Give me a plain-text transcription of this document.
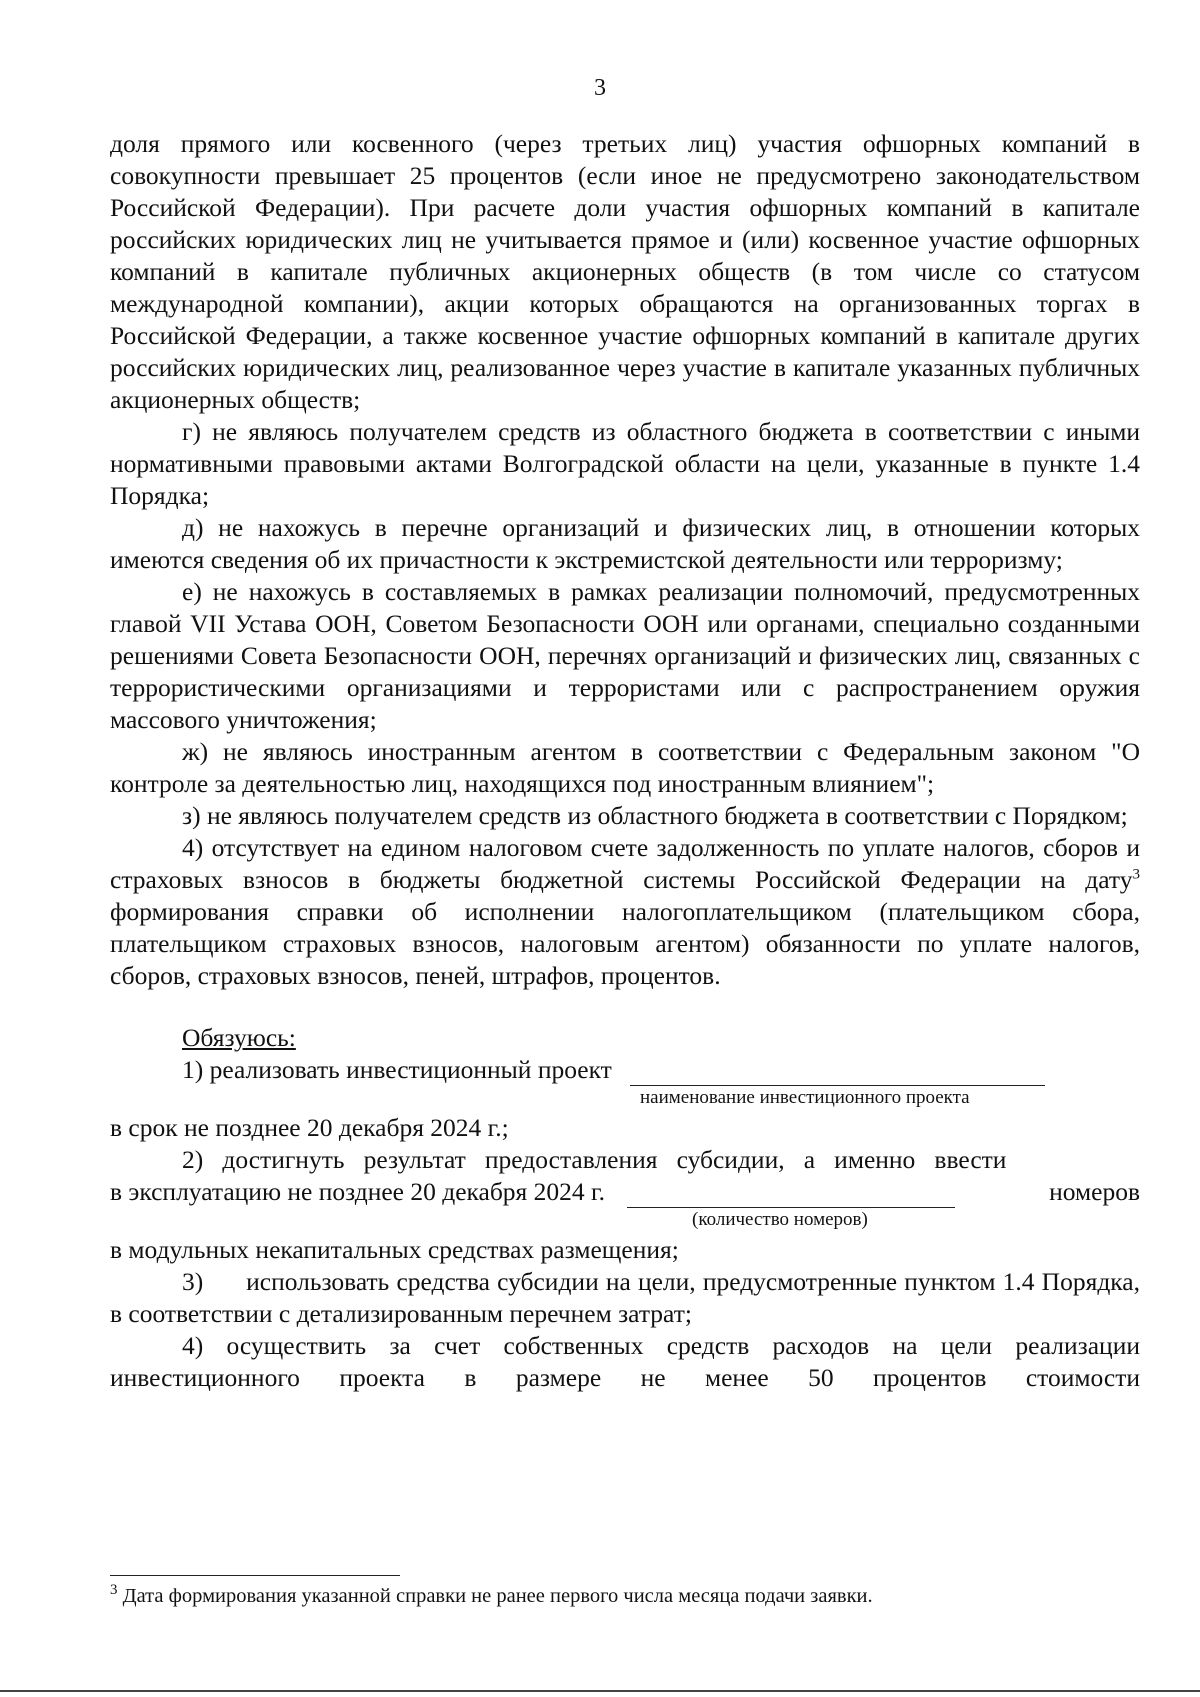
3

доля прямого или косвенного (через третьих лиц) участия офшорных компаний в совокупности превышает 25 процентов (если иное не предусмотрено законодательством Российской Федерации). При расчете доли участия офшорных компаний в капитале российских юридических лиц не учитывается прямое и (или) косвенное участие офшорных компаний в капитале публичных акционерных обществ (в том числе со статусом международной компании), акции которых обращаются на организованных торгах в Российской Федерации, а также косвенное участие офшорных компаний в капитале других российских юридических лиц, реализованное через участие в капитале указанных публичных акционерных обществ;

г) не являюсь получателем средств из областного бюджета в соответствии с иными нормативными правовыми актами Волгоградской области на цели, указанные в пункте 1.4 Порядка;

д) не нахожусь в перечне организаций и физических лиц, в отношении которых имеются сведения об их причастности к экстремистской деятельности или терроризму;

е) не нахожусь в составляемых в рамках реализации полномочий, предусмотренных главой VII Устава ООН, Советом Безопасности ООН или органами, специально созданными решениями Совета Безопасности ООН, перечнях организаций и физических лиц, связанных с террористическими организациями и террористами или с распространением оружия массового уничтожения;

ж) не являюсь иностранным агентом в соответствии с Федеральным законом "О контроле за деятельностью лиц, находящихся под иностранным влиянием";

з) не являюсь получателем средств из областного бюджета в соответствии с Порядком;

4) отсутствует на едином налоговом счете задолженность по уплате налогов, сборов и страховых взносов в бюджеты бюджетной системы Российской Федерации на дату$^3$ формирования справки об исполнении налогоплательщиком (плательщиком сбора, плательщиком страховых взносов, налоговым агентом) обязанности по уплате налогов, сборов, страховых взносов, пеней, штрафов, процентов.

Обязуюсь:

1) реализовать инвестиционный проект
наименование инвестиционного проекта

в срок не позднее 20 декабря 2024 г.;

2)   достигнуть   результат   предоставления   субсидии,   а   именно   ввести

в эксплуатацию не позднее 20 декабря 2024 г.	номеров
(количество номеров)

в модульных некапитальных средствах размещения;

3)      использовать средства субсидии на цели, предусмотренные пунктом 1.4 Порядка, в соответствии с детализированным перечнем затрат;

4) осуществить за счет собственных средств расходов на цели реализации инвестиционного проекта в размере не менее 50 процентов стоимости

$^3$ Дата формирования указанной справки не ранее первого числа месяца подачи заявки.
